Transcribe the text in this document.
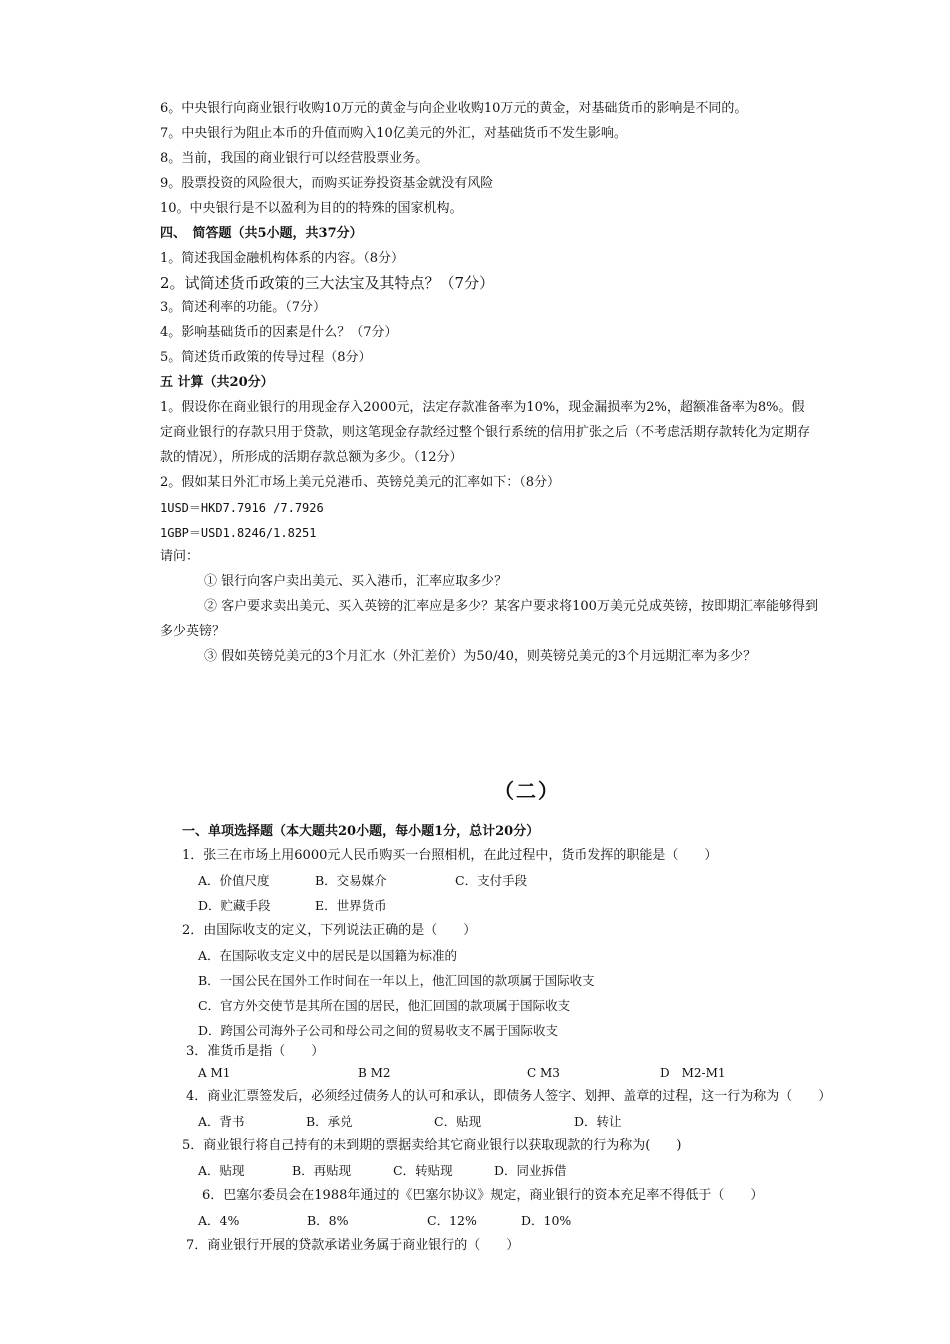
6。中央银行向商业银行收购10万元的黄金与向企业收购10万元的黄金，对基础货币的影响是不同的。
7。中央银行为阻止本币的升值而购入10亿美元的外汇，对基础货币不发生影响。
8。当前，我国的商业银行可以经营股票业务。
9。股票投资的风险很大，而购买证券投资基金就没有风险
10。中央银行是不以盈利为目的的特殊的国家机构。
四、　简答题（共5小题，共37分）
1。简述我国金融机构体系的内容。（8分）
2。试简述货币政策的三大法宝及其特点？（7分）
3。简述利率的功能。（7分）
4。影响基础货币的因素是什么？（7分）
5。简述货币政策的传导过程（8分）
五 计算（共20分）
1。假设你在商业银行的用现金存入2000元，法定存款准备率为10%，现金漏损率为2%，超额准备率为8%。假
定商业银行的存款只用于贷款，则这笔现金存款经过整个银行系统的信用扩张之后（不考虑活期存款转化为定期存
款的情况），所形成的活期存款总额为多少。（12分）
2。假如某日外汇市场上美元兑港币、英镑兑美元的汇率如下：（8分）
1USD＝HKD7.7916 /7.7926
1GBP＝USD1.8246/1.8251
请问：
① 银行向客户卖出美元、买入港币，汇率应取多少？
② 客户要求卖出美元、买入英镑的汇率应是多少？某客户要求将100万美元兑成英镑，按即期汇率能够得到
多少英镑？
③ 假如英镑兑美元的3个月汇水（外汇差价）为50/40，则英镑兑美元的3个月远期汇率为多少？
（二）
一、单项选择题（本大题共20小题，每小题1分，总计20分）
1．张三在市场上用6000元人民币购买一台照相机，在此过程中，货币发挥的职能是（　　）
A．价值尺度	B．交易媒介	C．支付手段
D．贮藏手段	E．世界货币
2．由国际收支的定义，下列说法正确的是（　　）
A．在国际收支定义中的居民是以国籍为标准的
B．一国公民在国外工作时间在一年以上，他汇回国的款项属于国际收支
C．官方外交使节是其所在国的居民，他汇回国的款项属于国际收支
D．跨国公司海外子公司和母公司之间的贸易收支不属于国际收支
3．准货币是指（　　）
A M1	B M2	C M3	D　M2-M1
4．商业汇票签发后，必须经过债务人的认可和承认，即债务人签字、划押、盖章的过程，这一行为称为（　　）
A．背书	B．承兑	C．贴现	D．转让
5．商业银行将自己持有的未到期的票据卖给其它商业银行以获取现款的行为称为(　　)
A．贴现	B．再贴现	C．转贴现	D．同业拆借
6．巴塞尔委员会在1988年通过的《巴塞尔协议》规定，商业银行的资本充足率不得低于（　　）
A．4%	B．8%	C．12%	D．10%
7．商业银行开展的贷款承诺业务属于商业银行的（　　）
